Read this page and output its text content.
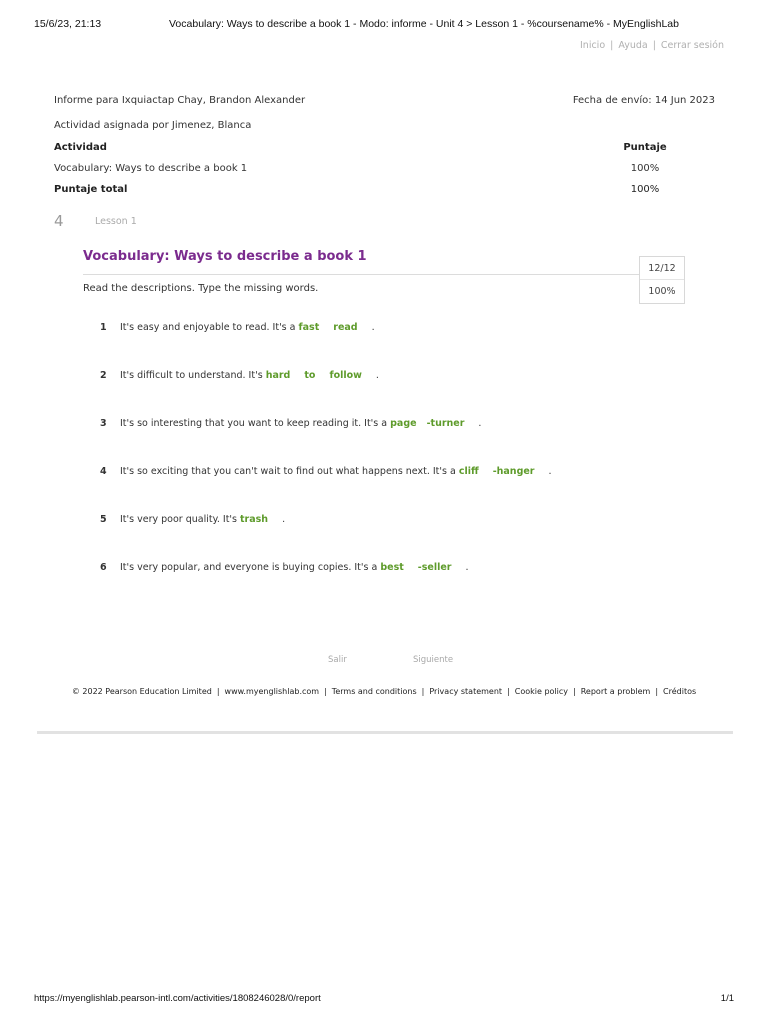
15/6/23, 21:13	Vocabulary: Ways to describe a book 1 - Modo: informe - Unit 4 > Lesson 1 - %coursename% - MyEnglishLab
Inicio | Ayuda | Cerrar sesión
Informe para Ixquiactap Chay, Brandon Alexander	Fecha de envío: 14 Jun 2023
Actividad asignada por Jimenez, Blanca
Actividad	Puntaje
Vocabulary: Ways to describe a book 1	100%
Puntaje total	100%
4	Lesson 1
Vocabulary: Ways to describe a book 1
12/12
100%
Read the descriptions. Type the missing words.
1 It's easy and enjoyable to read. It's a fast read .
2 It's difficult to understand. It's hard to follow .
3 It's so interesting that you want to keep reading it. It's a page -turner .
4 It's so exciting that you can't wait to find out what happens next. It's a cliff -hanger .
5 It's very poor quality. It's trash .
6 It's very popular, and everyone is buying copies. It's a best -seller .
Salir	Siguiente
© 2022 Pearson Education Limited | www.myenglishlab.com | Terms and conditions | Privacy statement | Cookie policy | Report a problem | Créditos
https://myenglishlab.pearson-intl.com/activities/1808246028/0/report	1/1
